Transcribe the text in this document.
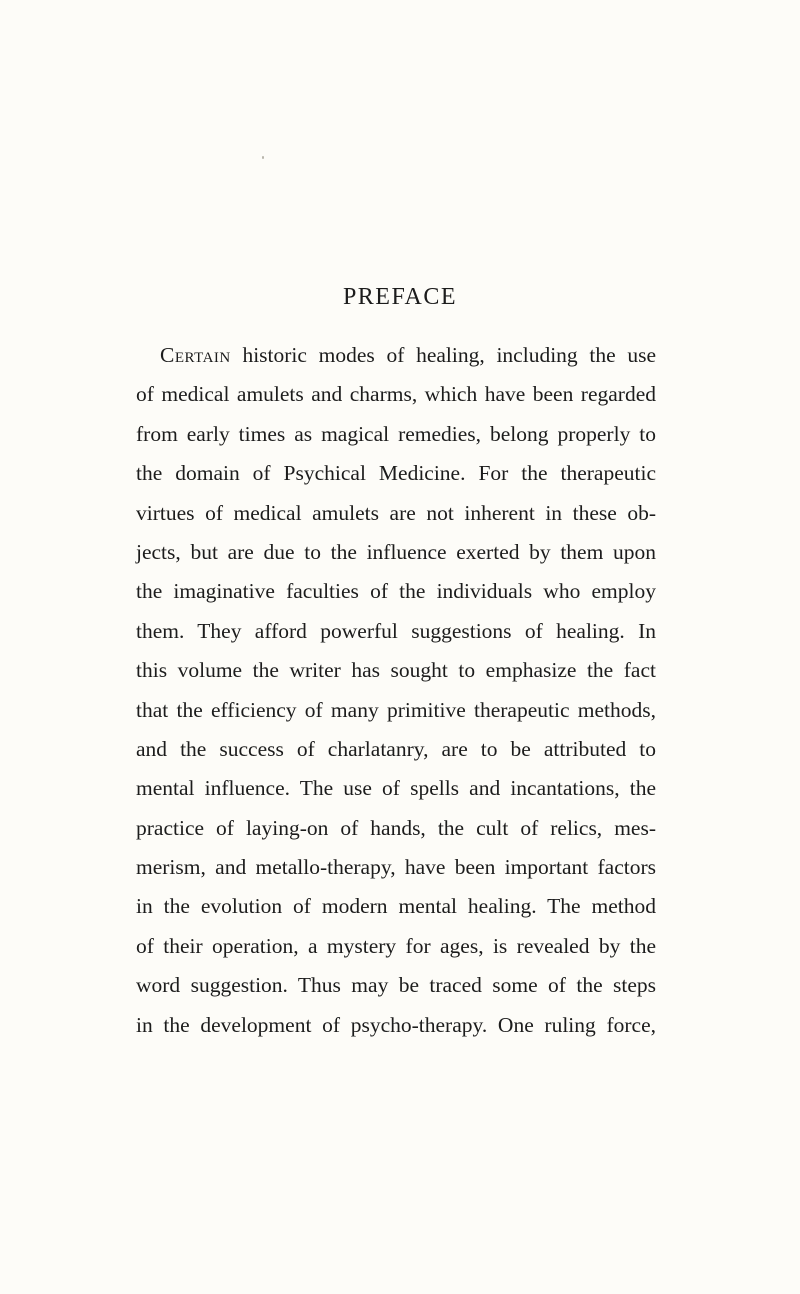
PREFACE
Certain historic modes of healing, including the use
of medical amulets and charms, which have been regarded
from early times as magical remedies, belong properly to
the domain of Psychical Medicine. For the therapeutic
virtues of medical amulets are not inherent in these ob-
jects, but are due to the influence exerted by them upon
the imaginative faculties of the individuals who employ
them. They afford powerful suggestions of healing. In
this volume the writer has sought to emphasize the fact
that the efficiency of many primitive therapeutic methods,
and the success of charlatanry, are to be attributed to
mental influence. The use of spells and incantations, the
practice of laying-on of hands, the cult of relics, mes-
merism, and metallo-therapy, have been important factors
in the evolution of modern mental healing. The method
of their operation, a mystery for ages, is revealed by the
word suggestion. Thus may be traced some of the steps
in the development of psycho-therapy. One ruling force,
